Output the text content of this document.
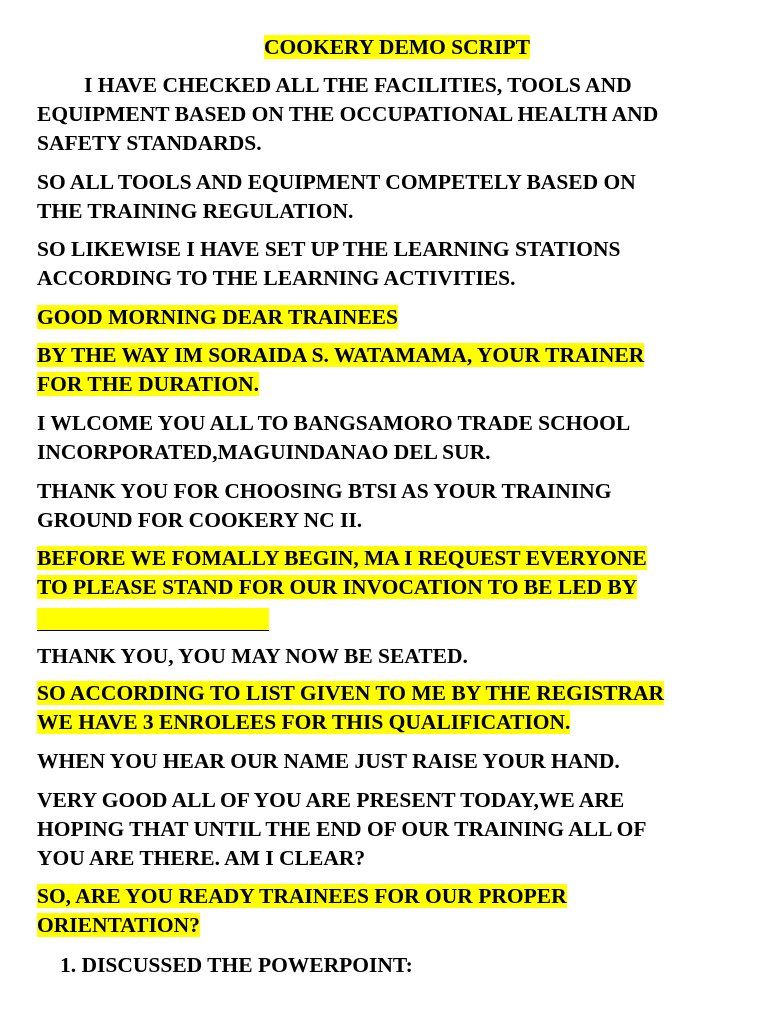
COOKERY DEMO SCRIPT
I HAVE CHECKED ALL THE FACILITIES, TOOLS AND
EQUIPMENT BASED ON THE OCCUPATIONAL HEALTH AND
SAFETY STANDARDS.
SO ALL TOOLS AND EQUIPMENT COMPETELY BASED ON
THE TRAINING REGULATION.
SO LIKEWISE I HAVE SET UP THE LEARNING STATIONS
ACCORDING TO THE LEARNING ACTIVITIES.
GOOD MORNING DEAR TRAINEES
BY THE WAY IM SORAIDA S. WATAMAMA, YOUR TRAINER
FOR THE DURATION.
I WLCOME YOU ALL TO BANGSAMORO TRADE SCHOOL
INCORPORATED,MAGUINDANAO DEL SUR.
THANK YOU FOR CHOOSING BTSI AS YOUR TRAINING
GROUND FOR COOKERY NC II.
BEFORE WE FOMALLY BEGIN, MA I REQUEST EVERYONE
TO PLEASE STAND FOR OUR INVOCATION TO BE LED BY
THANK YOU, YOU MAY NOW BE SEATED.
SO ACCORDING TO LIST GIVEN TO ME BY THE REGISTRAR
WE HAVE 3 ENROLEES FOR THIS QUALIFICATION.
WHEN YOU HEAR OUR NAME JUST RAISE YOUR HAND.
VERY GOOD ALL OF YOU ARE PRESENT TODAY,WE ARE
HOPING THAT UNTIL THE END OF OUR TRAINING ALL OF
YOU ARE THERE. AM I CLEAR?
SO, ARE YOU READY TRAINEES FOR OUR PROPER
ORIENTATION?
1. DISCUSSED THE POWERPOINT:
